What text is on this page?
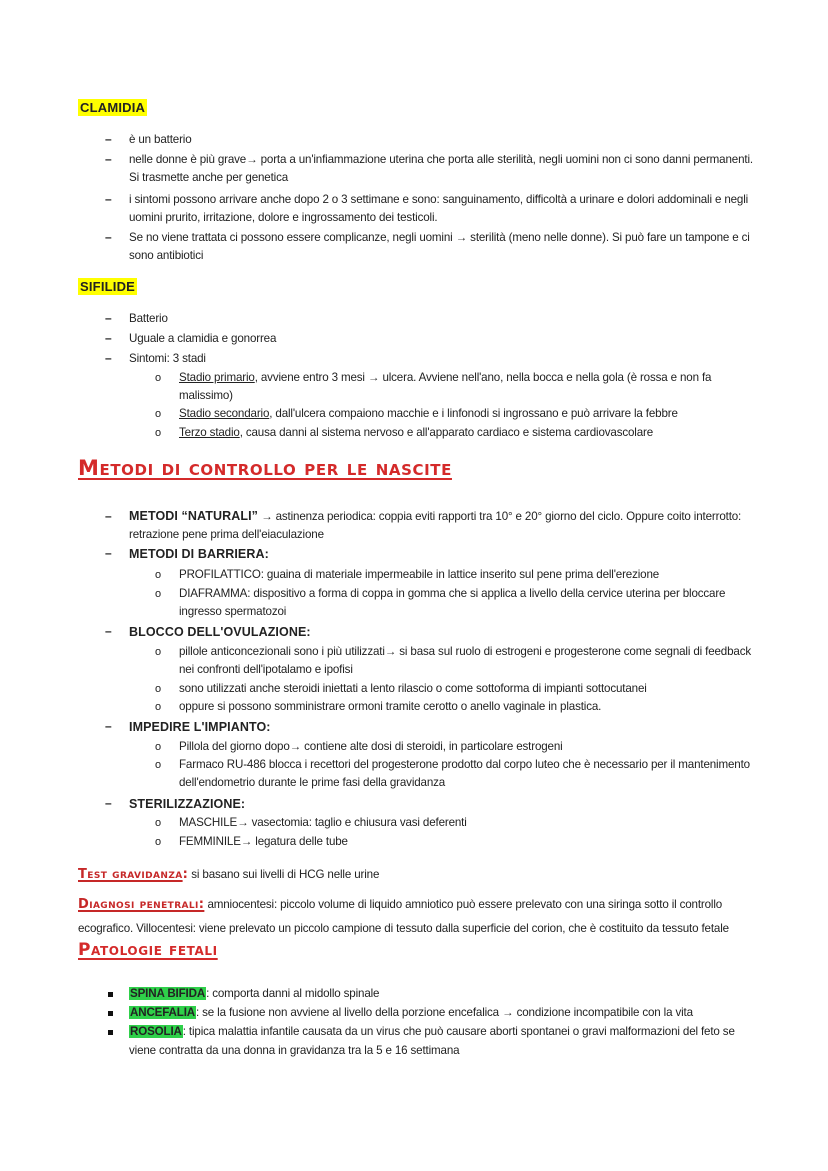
CLAMIDIA
– è un batterio
– nelle donne è più grave→ porta a un'infiammazione uterina che porta alle sterilità, negli uomini non ci sono danni permanenti.
Si trasmette anche per genetica
– i sintomi possono arrivare anche dopo 2 o 3 settimane e sono: sanguinamento, difficoltà a urinare e dolori addominali e negli
uomini prurito, irritazione, dolore e ingrossamento dei testicoli.
– Se no viene trattata ci possono essere complicanze, negli uomini → sterilità (meno nelle donne). Si può fare un tampone e ci
sono antibiotici
SIFILIDE
– Batterio
– Uguale a clamidia e gonorrea
– Sintomi: 3 stadi
o Stadio primario, avviene entro 3 mesi → ulcera. Avviene nell'ano, nella bocca e nella gola (è rossa e non fa
malissimo)
o Stadio secondario, dall'ulcera compaiono macchie e i linfonodi si ingrossano e può arrivare la febbre
o Terzo stadio, causa danni al sistema nervoso e all'apparato cardiaco e sistema cardiovascolare
Metodi di controllo per le nascite
– METODI “NATURALI” → astinenza periodica: coppia eviti rapporti tra 10° e 20° giorno del ciclo. Oppure coito interrotto:
retrazione pene prima dell'eiaculazione
– METODI DI BARRIERA:
o PROFILATTICO: guaina di materiale impermeabile in lattice inserito sul pene prima dell'erezione
o DIAFRAMMA: dispositivo a forma di coppa in gomma che si applica a livello della cervice uterina per bloccare
ingresso spermatozoi
– BLOCCO DELL'OVULAZIONE:
o pillole anticoncezionali sono i più utilizzati→ si basa sul ruolo di estrogeni e progesterone come segnali di feedback
nei confronti dell'ipotalamo e ipofisi
o sono utilizzati anche steroidi iniettati a lento rilascio o come sottoforma di impianti sottocutanei
o oppure si possono somministrare ormoni tramite cerotto o anello vaginale in plastica.
– IMPEDIRE L'IMPIANTO:
o Pillola del giorno dopo→ contiene alte dosi di steroidi, in particolare estrogeni
o Farmaco RU-486 blocca i recettori del progesterone prodotto dal corpo luteo che è necessario per il mantenimento
dell'endometrio durante le prime fasi della gravidanza
– STERILIZZAZIONE:
o MASCHILE→ vasectomia: taglio e chiusura vasi deferenti
o FEMMINILE→ legatura delle tube
Test gravidanza: si basano sui livelli di HCG nelle urine
Diagnosi penetrali: amniocentesi: piccolo volume di liquido amniotico può essere prelevato con una siringa sotto il controllo
ecografico. Villocentesi: viene prelevato un piccolo campione di tessuto dalla superficie del corion, che è costituito da tessuto fetale
Patologie fetali
SPINA BIFIDA: comporta danni al midollo spinale
ANCEFALIA: se la fusione non avviene al livello della porzione encefalica → condizione incompatibile con la vita
ROSOLIA: tipica malattia infantile causata da un virus che può causare aborti spontanei o gravi malformazioni del feto se
viene contratta da una donna in gravidanza tra la 5 e 16 settimana
